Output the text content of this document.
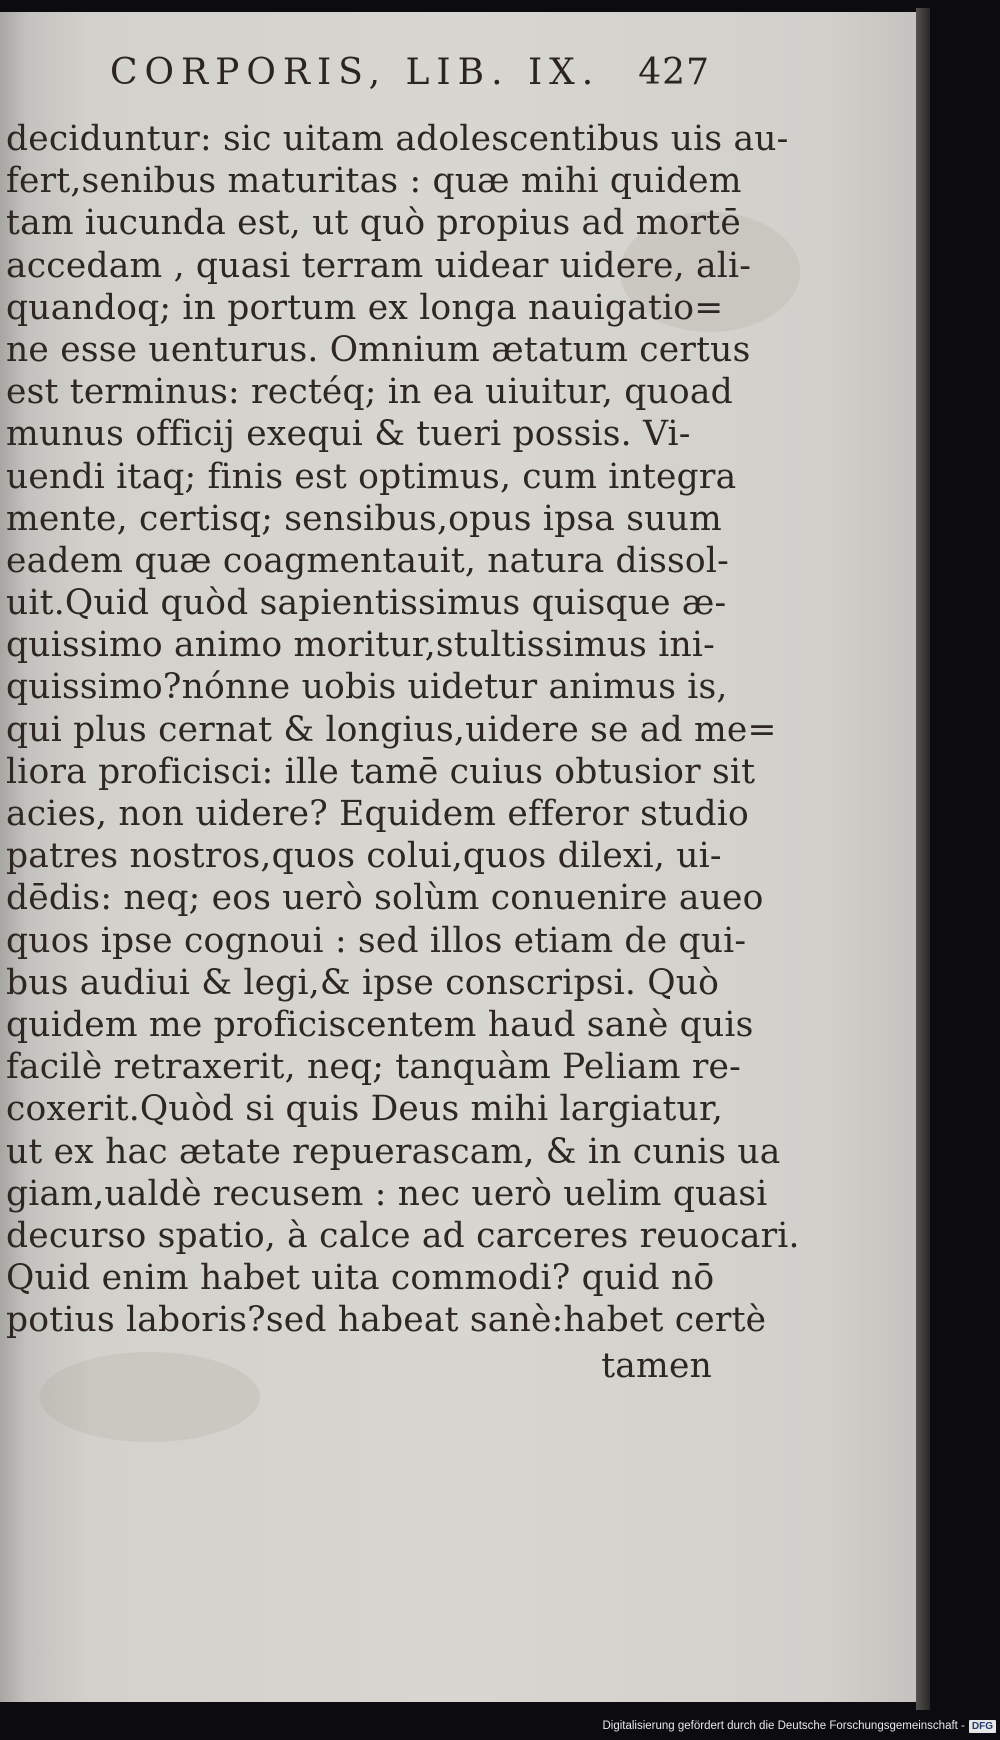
CORPORIS, LIB. IX. 427
deciduntur: sic uitam adolescentibus uis au-
fert,senibus maturitas : quæ mihi quidem
tam iucunda est, ut quò propius ad mortē
accedam , quasi terram uidear uidere, ali-
quandoq; in portum ex longa nauigatio=
ne esse uenturus. Omnium ætatum certus
est terminus: rectéq; in ea uiuitur, quoad
munus officij exequi & tueri possis. Vi-
uendi itaq; finis est optimus, cum integra
mente, certisq; sensibus,opus ipsa suum
eadem quæ coagmentauit, natura dissol-
uit.Quid quòd sapientissimus quisque æ-
quissimo animo moritur,stultissimus ini-
quissimo?nónne uobis uidetur animus is,
qui plus cernat & longius,uidere se ad me=
liora proficisci: ille tamē cuius obtusior sit
acies, non uidere? Equidem efferor studio
patres nostros,quos colui,quos dilexi, ui-
dēdis: neq; eos uerò solùm conuenire aueo
quos ipse cognoui : sed illos etiam de qui-
bus audiui & legi,& ipse conscripsi. Quò
quidem me proficiscentem haud sanè quis
facilè retraxerit, neq; tanquàm Peliam re-
coxerit.Quòd si quis Deus mihi largiatur,
ut ex hac ætate repuerascam, & in cunis ua
giam,ualdè recusem : nec uerò uelim quasi
decurso spatio, à calce ad carceres reuocari.
Quid enim habet uita commodi? quid nō
potius laboris?sed habeat sanè:habet certè
tamen
Digitalisierung gefördert durch die Deutsche Forschungsgemeinschaft - DFG
